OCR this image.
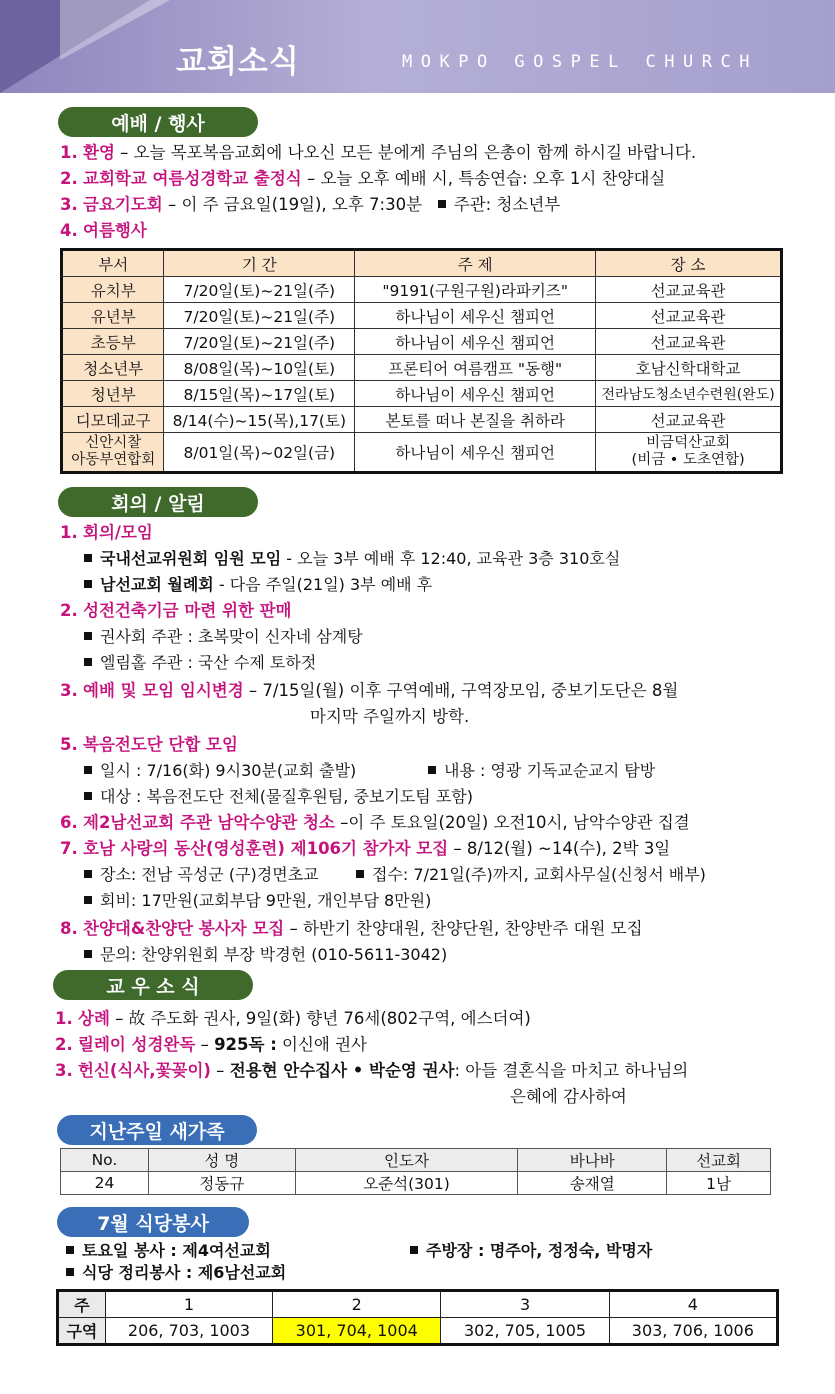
교회소식	MOKPO GOSPEL CHURCH
예배 / 행사
1. 환영 – 오늘 목포복음교회에 나오신 모든 분에게 주님의 은총이 함께 하시길 바랍니다.
2. 교회학교 여름성경학교 출정식 – 오늘 오후 예배 시, 특송연습: 오후 1시 찬양대실
3. 금요기도회 – 이 주 금요일(19일), 오후 7:30분 주관: 청소년부
4. 여름행사
부서	기 간	주 제	장 소
유치부	7/20일(토)~21일(주)	"9191(구원구원)라파키즈"	선교교육관
유년부	7/20일(토)~21일(주)	하나님이 세우신 챔피언	선교교육관
초등부	7/20일(토)~21일(주)	하나님이 세우신 챔피언	선교교육관
청소년부	8/08일(목)~10일(토)	프론티어 여름캠프 "동행"	호남신학대학교
청년부	8/15일(목)~17일(토)	하나님이 세우신 챔피언	전라남도청소년수련원(완도)
디모데교구	8/14(수)~15(목),17(토)	본토를 떠나 본질을 취하라	선교교육관
신안시찰
아동부연합회	8/01일(목)~02일(금)	하나님이 세우신 챔피언	비금덕산교회
(비금 • 도초연합)
회의 / 알림
1. 회의/모임
국내선교위원회 임원 모임 - 오늘 3부 예배 후 12:40, 교육관 3층 310호실
남선교회 월례회 - 다음 주일(21일) 3부 예배 후
2. 성전건축기금 마련 위한 판매
권사회 주관 : 초복맞이 신자네 삼계탕
엘림홀 주관 : 국산 수제 토하젓
3. 예배 및 모임 임시변경 – 7/15일(월) 이후 구역예배, 구역장모임, 중보기도단은 8월
마지막 주일까지 방학.
5. 복음전도단 단합 모임
일시 : 7/16(화) 9시30분(교회 출발)	내용 : 영광 기독교순교지 탐방
대상 : 복음전도단 전체(물질후원팀, 중보기도팀 포함)
6. 제2남선교회 주관 남악수양관 청소 –이 주 토요일(20일) 오전10시, 남악수양관 집결
7. 호남 사랑의 동산(영성훈련) 제106기 참가자 모집 – 8/12(월) ~14(수), 2박 3일
장소: 전남 곡성군 (구)경면초교	접수: 7/21일(주)까지, 교회사무실(신청서 배부)
회비: 17만원(교회부담 9만원, 개인부담 8만원)
8. 찬양대&찬양단 봉사자 모집 – 하반기 찬양대원, 찬양단원, 찬양반주 대원 모집
문의: 찬양위원회 부장 박경헌 (010-5611-3042)
교 우 소 식
1. 상례 – 故 주도화 권사, 9일(화) 향년 76세(802구역, 에스더여)
2. 릴레이 성경완독 – 925독 : 이신애 권사
3. 헌신(식사,꽃꽂이) – 전용현 안수집사 • 박순영 권사: 아들 결혼식을 마치고 하나님의
은혜에 감사하여
지난주일 새가족
No.	성 명	인도자	바나바	선교회
24	정동규	오준석(301)	송재열	1남
7월 식당봉사
토요일 봉사 : 제4여선교회	주방장 : 명주아, 정정숙, 박명자
식당 정리봉사 : 제6남선교회
주	1	2	3	4
구역	206, 703, 1003	301, 704, 1004	302, 705, 1005	303, 706, 1006
